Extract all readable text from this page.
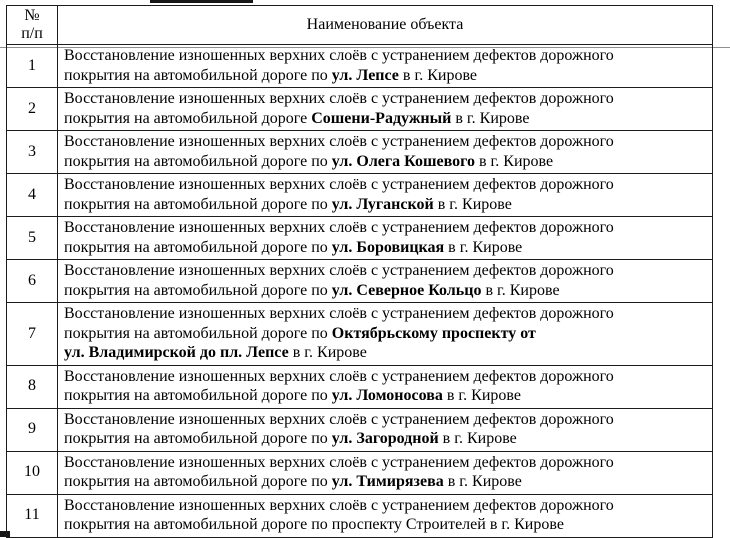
№
п/п	Наименование объекта
1	Восстановление изношенных верхних слоёв с устранением дефектов дорожного
покрытия на автомобильной дороге по ул. Лепсе в г. Кирове

2	Восстановление изношенных верхних слоёв с устранением дефектов дорожного
покрытия на автомобильной дороге Сошени-Радужный в г. Кирове

3	Восстановление изношенных верхних слоёв с устранением дефектов дорожного
покрытия на автомобильной дороге по ул. Олега Кошевого в г. Кирове

4	Восстановление изношенных верхних слоёв с устранением дефектов дорожного
покрытия на автомобильной дороге по ул. Луганской в г. Кирове

5	Восстановление изношенных верхних слоёв с устранением дефектов дорожного
покрытия на автомобильной дороге по ул. Боровицкая в г. Кирове

6	Восстановление изношенных верхних слоёв с устранением дефектов дорожного
покрытия на автомобильной дороге по ул. Северное Кольцо в г. Кирове

7	Восстановление изношенных верхних слоёв с устранением дефектов дорожного
покрытия на автомобильной дороге по Октябрьскому проспекту от
ул. Владимирской до пл. Лепсе в г. Кирове

8	Восстановление изношенных верхних слоёв с устранением дефектов дорожного
покрытия на автомобильной дороге по ул. Ломоносова в г. Кирове

9	Восстановление изношенных верхних слоёв с устранением дефектов дорожного
покрытия на автомобильной дороге по ул. Загородной в г. Кирове

10	Восстановление изношенных верхних слоёв с устранением дефектов дорожного
покрытия на автомобильной дороге по ул. Тимирязева в г. Кирове

11	Восстановление изношенных верхних слоёв с устранением дефектов дорожного
покрытия на автомобильной дороге по проспекту Строителей в г. Кирове
